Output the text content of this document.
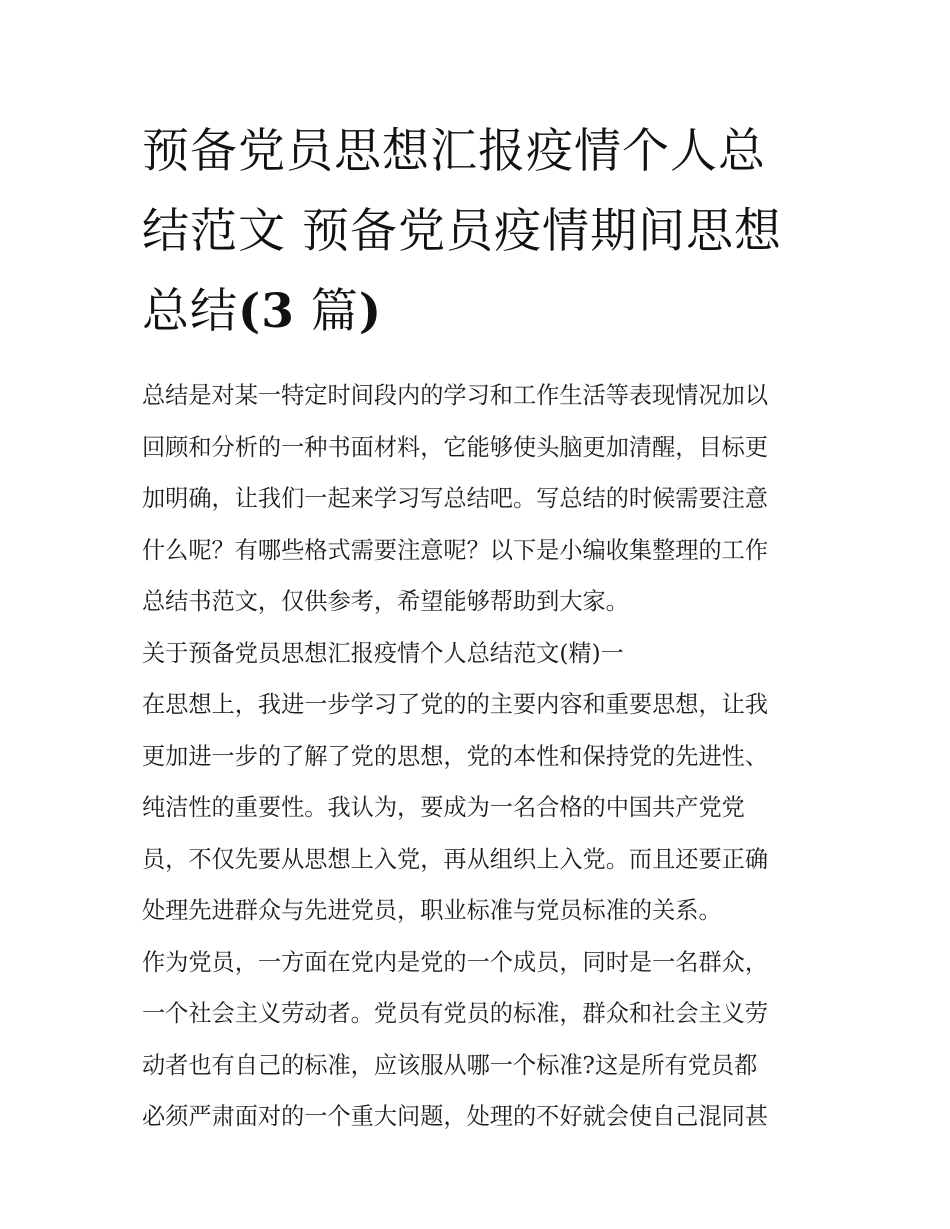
预备党员思想汇报疫情个人总
结范文 预备党员疫情期间思想
总结(3 篇)
总结是对某一特定时间段内的学习和工作生活等表现情况加以
回顾和分析的一种书面材料，它能够使头脑更加清醒，目标更
加明确，让我们一起来学习写总结吧。写总结的时候需要注意
什么呢？有哪些格式需要注意呢？以下是小编收集整理的工作
总结书范文，仅供参考，希望能够帮助到大家。
关于预备党员思想汇报疫情个人总结范文(精)一
在思想上，我进一步学习了党的的主要内容和重要思想，让我
更加进一步的了解了党的思想，党的本性和保持党的先进性、
纯洁性的重要性。我认为，要成为一名合格的中国共产党党
员，不仅先要从思想上入党，再从组织上入党。而且还要正确
处理先进群众与先进党员，职业标准与党员标准的关系。
作为党员，一方面在党内是党的一个成员，同时是一名群众，
一个社会主义劳动者。党员有党员的标准，群众和社会主义劳
动者也有自己的标准，应该服从哪一个标准?这是所有党员都
必须严肃面对的一个重大问题，处理的不好就会使自己混同甚
